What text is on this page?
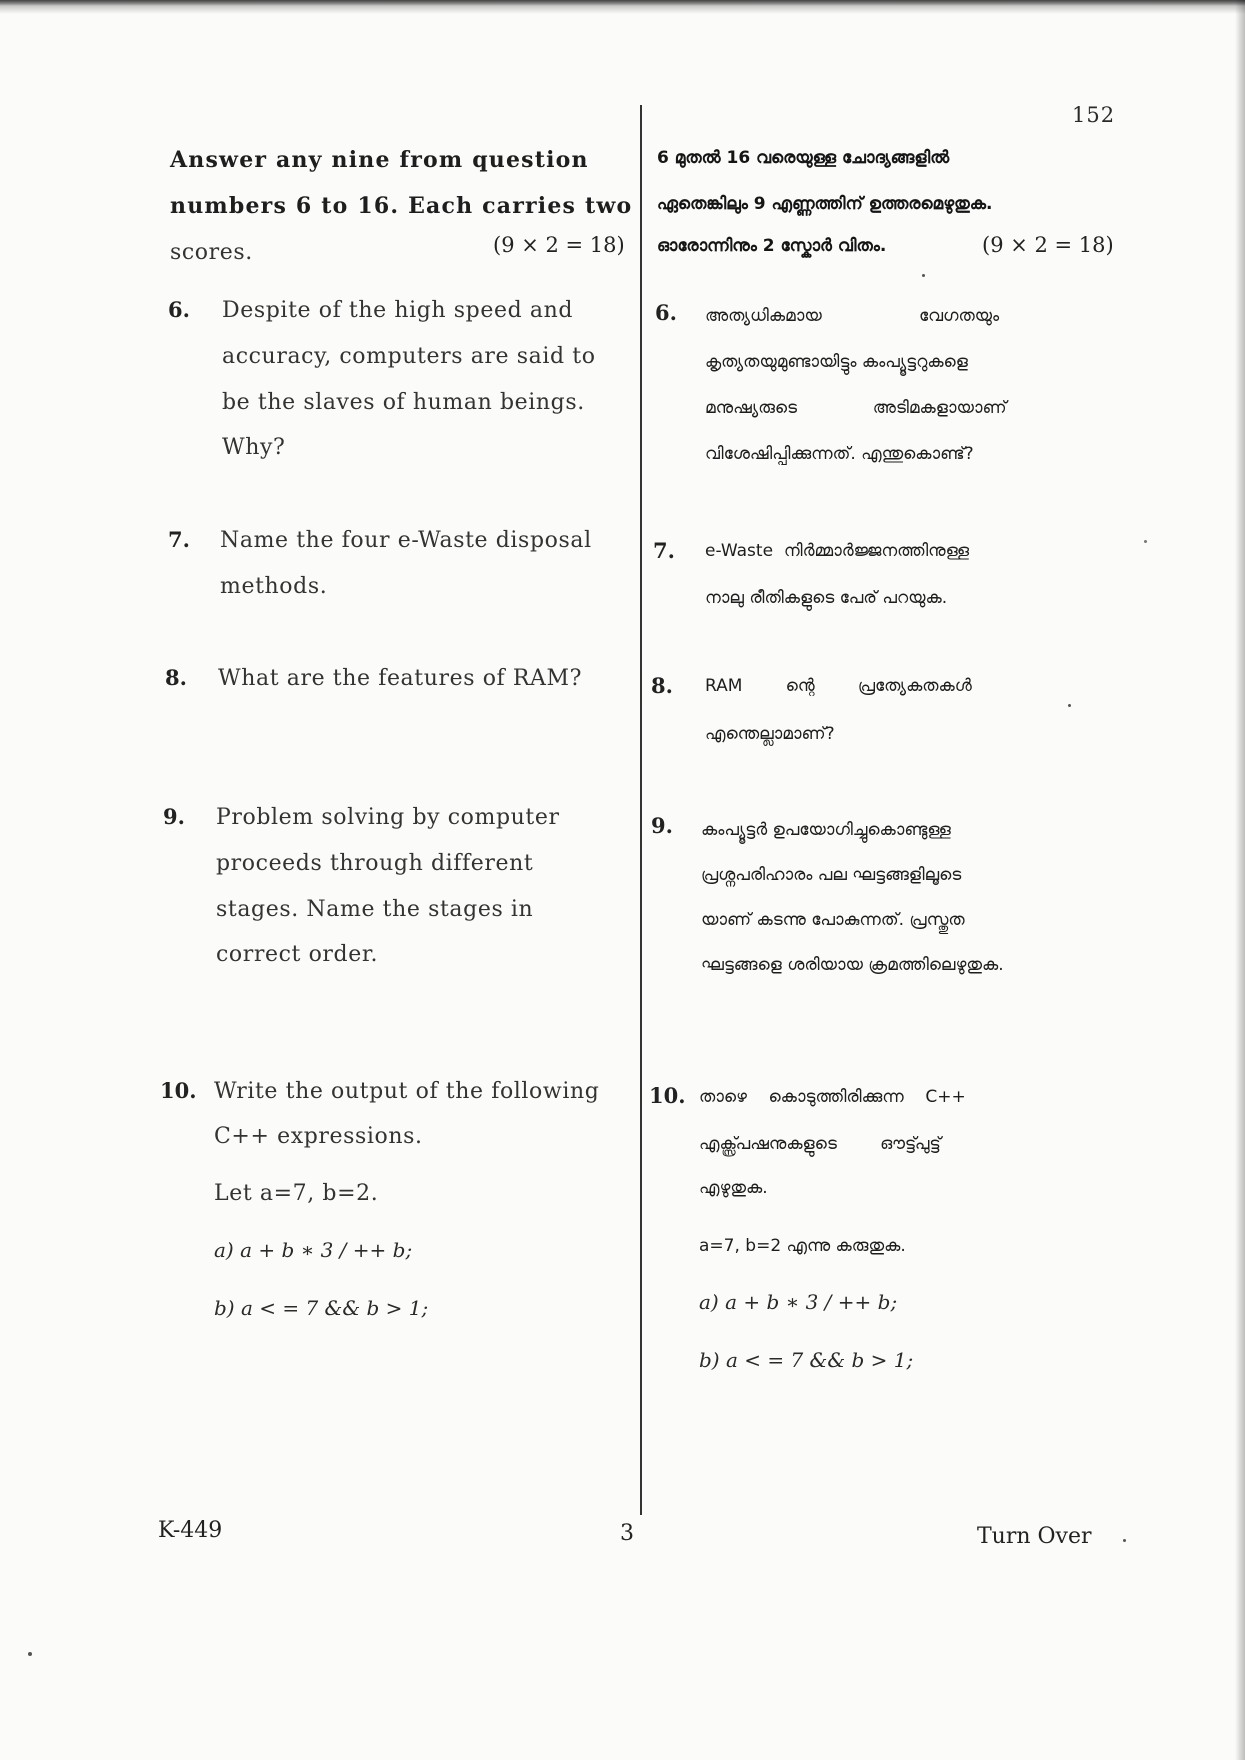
152
Answer any nine from question
numbers 6 to 16. Each carries two
scores.	(9 × 2 = 18)
6. Despite of the high speed and
accuracy, computers are said to
be the slaves of human beings.
Why?
7. Name the four e-Waste disposal
methods.
8. What are the features of RAM?
9. Problem solving by computer
proceeds through different
stages. Name the stages in
correct order.
10. Write the output of the following
C++ expressions.
Let a=7, b=2.
a) a + b ∗ 3 / ++ b;
b) a < = 7 && b > 1;
6 മുതൽ 16 വരെയുള്ള ചോദ്യങ്ങളിൽ
ഏതെങ്കിലും 9 എണ്ണത്തിന് ഉത്തരമെഴുതുക.
ഓരോന്നിനും 2 സ്കോർ വിതം.	(9 × 2 = 18)
6. അത്യധികമായ                  വേഗതയും
കൃത്യതയുമുണ്ടായിട്ടും കംപ്യൂട്ടറുകളെ
മനുഷ്യരുടെ              അടിമകളായാണ്
വിശേഷിപ്പിക്കുന്നത്. എന്തുകൊണ്ട്?
7. e-Waste  നിർമ്മാർജ്ജനത്തിനുള്ള
നാലു രീതികളുടെ പേര് പറയുക.
8. RAM        ന്റെ        പ്രത്യേകതകൾ
എന്തെല്ലാമാണ്?
9. കംപ്യൂട്ടർ ഉപയോഗിച്ചുകൊണ്ടുള്ള
പ്രശ്നപരിഹാരം പല ഘട്ടങ്ങളിലൂടെ
യാണ് കടന്നു പോകുന്നത്. പ്രസ്തുത
ഘട്ടങ്ങളെ ശരിയായ ക്രമത്തിലെഴുതുക.
10. താഴെ    കൊടുത്തിരിക്കുന്ന    C++
എക്സ്പ്രഷനുകളുടെ        ഔട്ട്പുട്ട്
എഴുതുക.
a=7, b=2 എന്നു കരുതുക.
a) a + b ∗ 3 / ++ b;
b) a < = 7 && b > 1;
K-449	3	Turn Over
